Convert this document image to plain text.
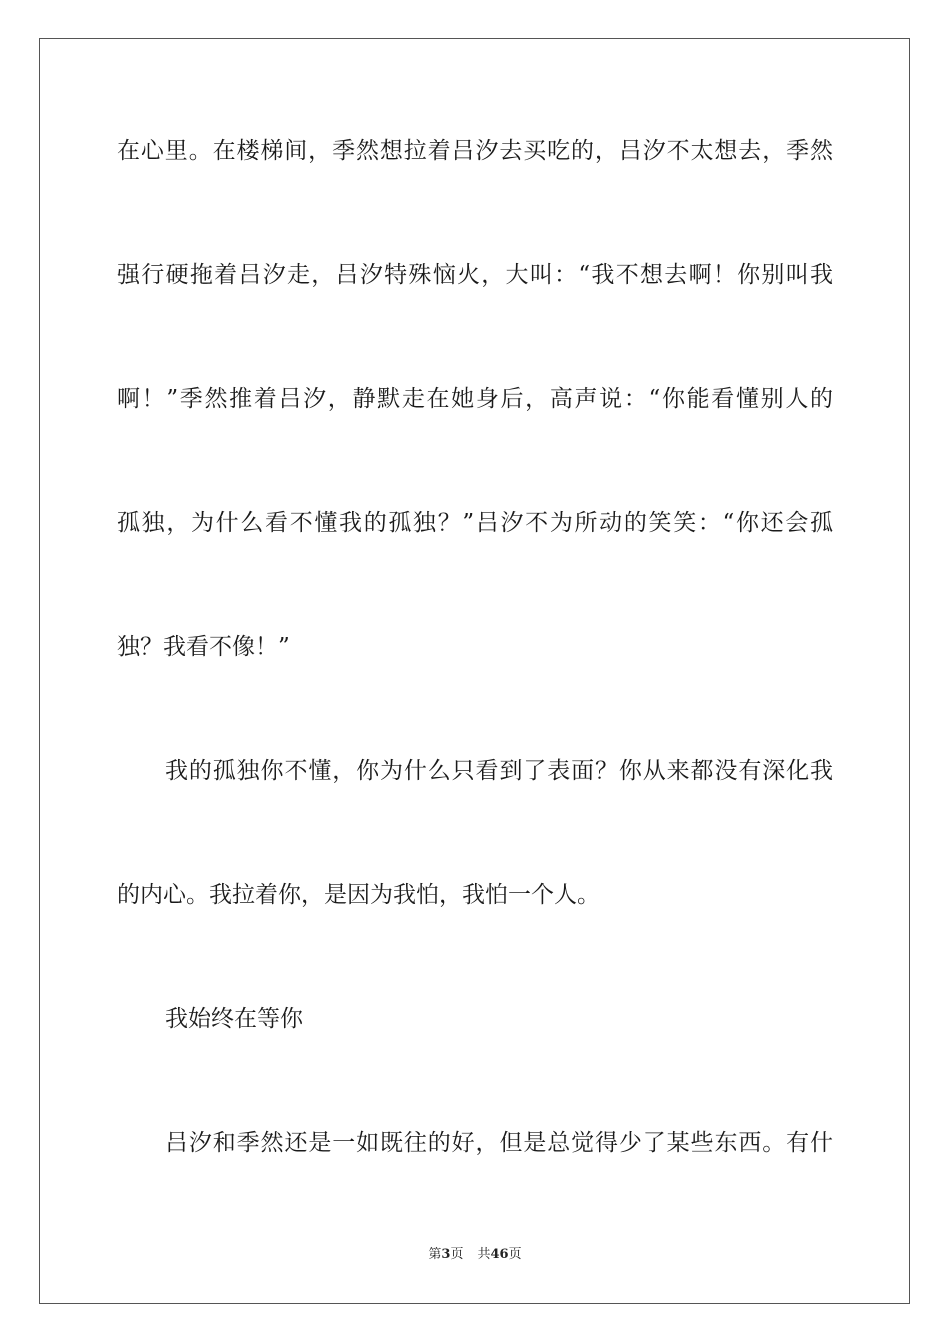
在心里。在楼梯间，季然想拉着吕汐去买吃的，吕汐不太想去，季然
强行硬拖着吕汐走，吕汐特殊恼火，大叫：“我不想去啊！你别叫我
啊！”季然推着吕汐，静默走在她身后，高声说：“你能看懂别人的
孤独，为什么看不懂我的孤独？”吕汐不为所动的笑笑：“你还会孤
独？我看不像！”
我的孤独你不懂，你为什么只看到了表面？你从来都没有深化我
的内心。我拉着你，是因为我怕，我怕一个人。
我始终在等你
吕汐和季然还是一如既往的好，但是总觉得少了某些东西。有什
第3页 共46页
